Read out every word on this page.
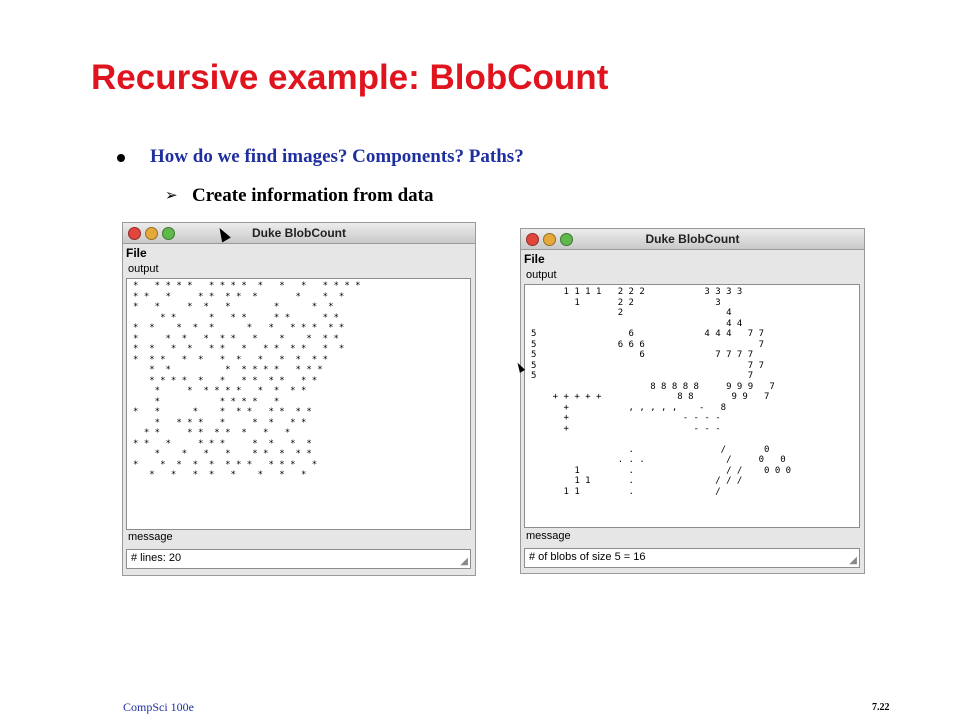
Recursive example: BlobCount
How do we find images? Components? Paths?
➢ Create information from data
Duke BlobCount
File
output
*   * * * *   * * * *  *   *   *   * * * *
* *   *     * *  * *  *       *    *  *
*   *     *  *   *        *      *  *
* *      *   * *     * *      * *
*  *    *  *  *      *   *   * * *  * *
*     *  *   *  * *   *    *    *  * *
*  *   *  *   * *   *   * *  * *   *  *
*  * *   *  *   *  *   *   *  *  * *
*  *          *  * * * *   * * *
* * * *  *   *   * *  * *   * *
*     *  * * * *   *  *  * *
*           * * * *   *
*   *      *    *  * *   * *  * *
*   * * *   *     *  *   * *
* *     * *  * *  *   *   *
* *   *     * * *     *  *   *  *
*    *   *   *    * *  *  * *
*    *  *  *  *  * * *   * * *   *
*   *   *  *   *    *   *   *

message
# lines: 20	◢
Duke BlobCount
File
output
1 1 1 1   2 2 2           3 3 3 3
1       2 2               3
2                   4
4 4
5                 6             4 4 4   7 7
5               6 6 6                     7
5                   6             7 7 7 7
5                                       7 7
5                                       7
8 8 8 8 8     9 9 9   7
+ + + + +              8 8       9 9   7
+           , , , , ,    -   8
+                     - - - -
+                       - - -

.                /       0
. . .               /     0   0
1         .                 / /    0 0 0
1 1       .               / / /
1 1         .               /
message
# of blobs of size 5 = 16	◢
CompSci 100e	7.22
